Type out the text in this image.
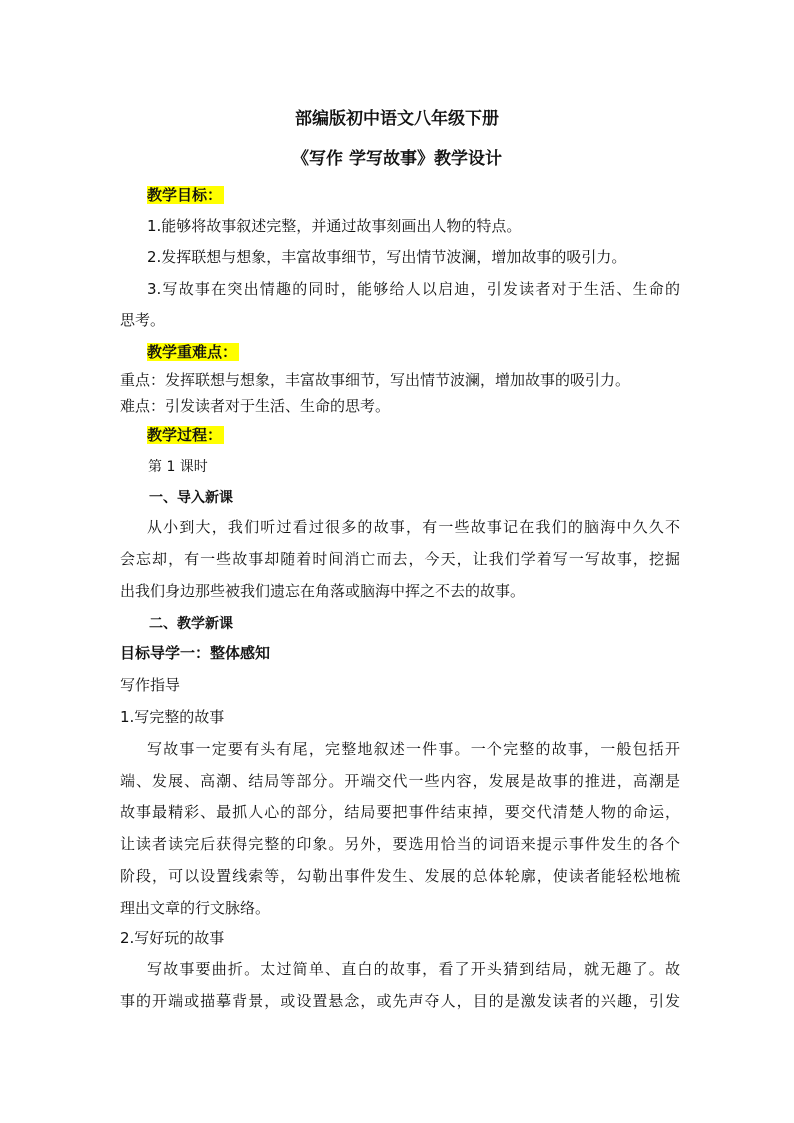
部编版初中语文八年级下册
《写作 学写故事》教学设计
教学目标：
1.能够将故事叙述完整，并通过故事刻画出人物的特点。
2.发挥联想与想象，丰富故事细节，写出情节波澜，增加故事的吸引力。
3.写故事在突出情趣的同时，能够给人以启迪，引发读者对于生活、生命的
思考。
教学重难点：
重点：发挥联想与想象，丰富故事细节，写出情节波澜，增加故事的吸引力。
难点：引发读者对于生活、生命的思考。
教学过程：
第 1 课时
一、导入新课
从小到大，我们听过看过很多的故事，有一些故事记在我们的脑海中久久不
会忘却，有一些故事却随着时间消亡而去，今天，让我们学着写一写故事，挖掘
出我们身边那些被我们遗忘在角落或脑海中挥之不去的故事。
二、教学新课
目标导学一：整体感知
写作指导
1.写完整的故事
写故事一定要有头有尾，完整地叙述一件事。一个完整的故事，一般包括开
端、发展、高潮、结局等部分。开端交代一些内容，发展是故事的推进，高潮是
故事最精彩、最抓人心的部分，结局要把事件结束掉，要交代清楚人物的命运，
让读者读完后获得完整的印象。另外，要选用恰当的词语来提示事件发生的各个
阶段，可以设置线索等，勾勒出事件发生、发展的总体轮廓，使读者能轻松地梳
理出文章的行文脉络。
2.写好玩的故事
写故事要曲折。太过简单、直白的故事，看了开头猜到结局，就无趣了。故
事的开端或描摹背景，或设置悬念，或先声夺人，目的是激发读者的兴趣，引发
